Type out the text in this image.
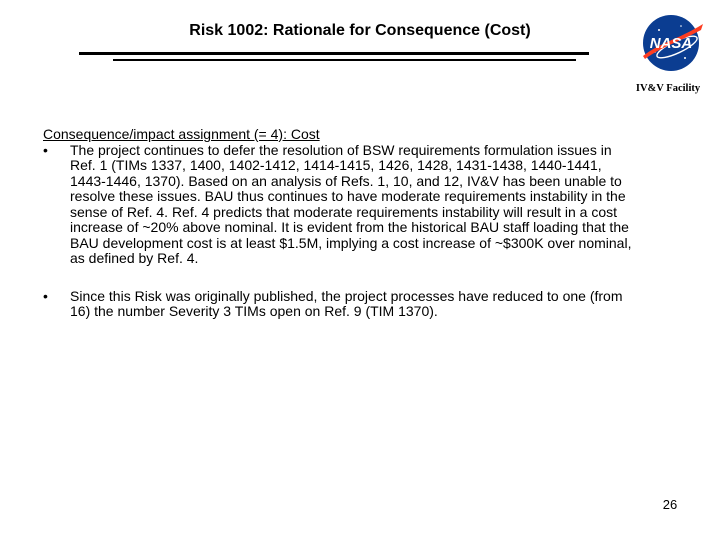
Risk 1002: Rationale for Consequence (Cost)
NASA
IV&V Facility
Consequence/impact assignment (= 4): Cost
• The project continues to defer the resolution of BSW requirements formulation issues in Ref. 1 (TIMs 1337, 1400, 1402-1412, 1414-1415, 1426, 1428, 1431-1438, 1440-1441, 1443-1446, 1370). Based on an analysis of Refs. 1, 10, and 12, IV&V has been unable to resolve these issues. BAU thus continues to have moderate requirements instability in the sense of Ref. 4. Ref. 4 predicts that moderate requirements instability will result in a cost increase of ~20% above nominal. It is evident from the historical BAU staff loading that the BAU development cost is at least $1.5M, implying a cost increase of ~$300K over nominal, as defined by Ref. 4.
• Since this Risk was originally published, the project processes have reduced to one (from 16) the number Severity 3 TIMs open on Ref. 9 (TIM 1370).
26
